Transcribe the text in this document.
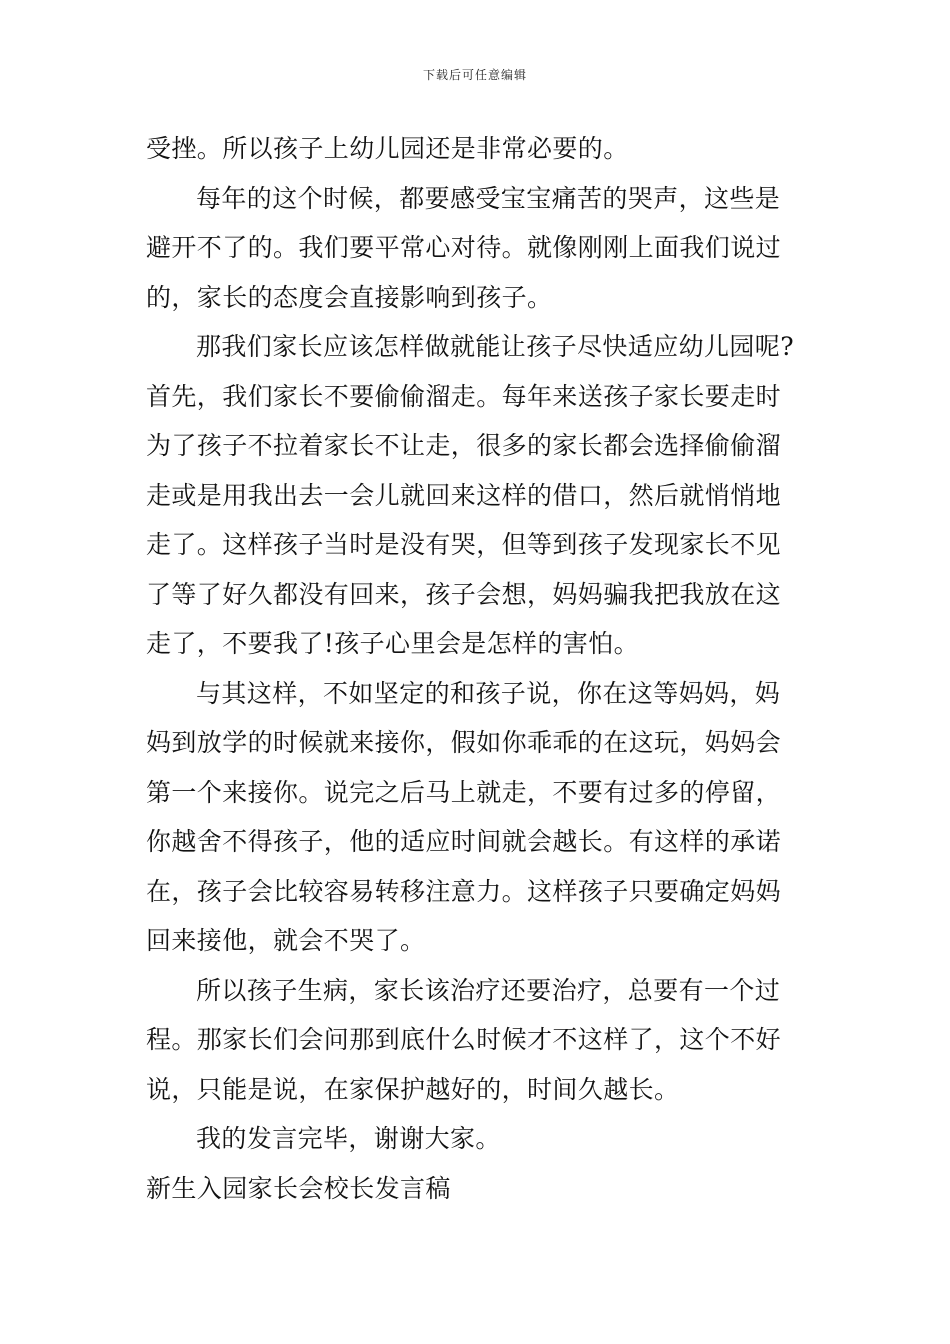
下载后可任意编辑
受挫。所以孩子上幼儿园还是非常必要的。
每年的这个时候，都要感受宝宝痛苦的哭声，这些是
避开不了的。我们要平常心对待。就像刚刚上面我们说过
的，家长的态度会直接影响到孩子。
那我们家长应该怎样做就能让孩子尽快适应幼儿园呢?
首先，我们家长不要偷偷溜走。每年来送孩子家长要走时
为了孩子不拉着家长不让走，很多的家长都会选择偷偷溜
走或是用我出去一会儿就回来这样的借口，然后就悄悄地
走了。这样孩子当时是没有哭，但等到孩子发现家长不见
了等了好久都没有回来，孩子会想，妈妈骗我把我放在这
走了，不要我了!孩子心里会是怎样的害怕。
与其这样，不如坚定的和孩子说，你在这等妈妈，妈
妈到放学的时候就来接你，假如你乖乖的在这玩，妈妈会
第一个来接你。说完之后马上就走，不要有过多的停留，
你越舍不得孩子，他的适应时间就会越长。有这样的承诺
在，孩子会比较容易转移注意力。这样孩子只要确定妈妈
回来接他，就会不哭了。
所以孩子生病，家长该治疗还要治疗，总要有一个过
程。那家长们会问那到底什么时候才不这样了，这个不好
说，只能是说，在家保护越好的，时间久越长。
我的发言完毕，谢谢大家。
新生入园家长会校长发言稿
